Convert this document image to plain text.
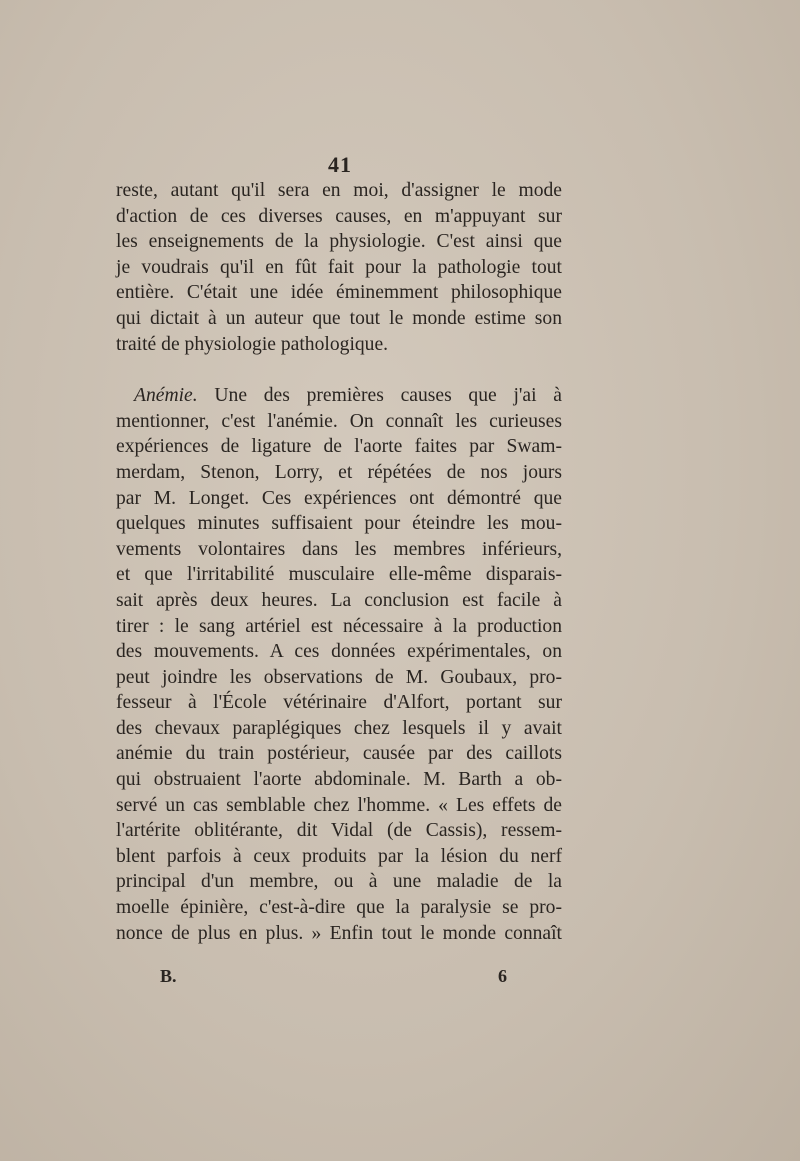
41
reste, autant qu'il sera en moi, d'assigner le mode
d'action de ces diverses causes, en m'appuyant sur
les enseignements de la physiologie. C'est ainsi que
je voudrais qu'il en fût fait pour la pathologie tout
entière. C'était une idée éminemment philosophique
qui dictait à un auteur que tout le monde estime son
traité de physiologie pathologique.
Anémie. Une des premières causes que j'ai à
mentionner, c'est l'anémie. On connaît les curieuses
expériences de ligature de l'aorte faites par Swam-
merdam, Stenon, Lorry, et répétées de nos jours
par M. Longet. Ces expériences ont démontré que
quelques minutes suffisaient pour éteindre les mou-
vements volontaires dans les membres inférieurs,
et que l'irritabilité musculaire elle-même disparais-
sait après deux heures. La conclusion est facile à
tirer : le sang artériel est nécessaire à la production
des mouvements. A ces données expérimentales, on
peut joindre les observations de M. Goubaux, pro-
fesseur à l'École vétérinaire d'Alfort, portant sur
des chevaux paraplégiques chez lesquels il y avait
anémie du train postérieur, causée par des caillots
qui obstruaient l'aorte abdominale. M. Barth a ob-
servé un cas semblable chez l'homme. « Les effets de
l'artérite oblitérante, dit Vidal (de Cassis), ressem-
blent parfois à ceux produits par la lésion du nerf
principal d'un membre, ou à une maladie de la
moelle épinière, c'est-à-dire que la paralysie se pro-
nonce de plus en plus. » Enfin tout le monde connaît
B.	6
